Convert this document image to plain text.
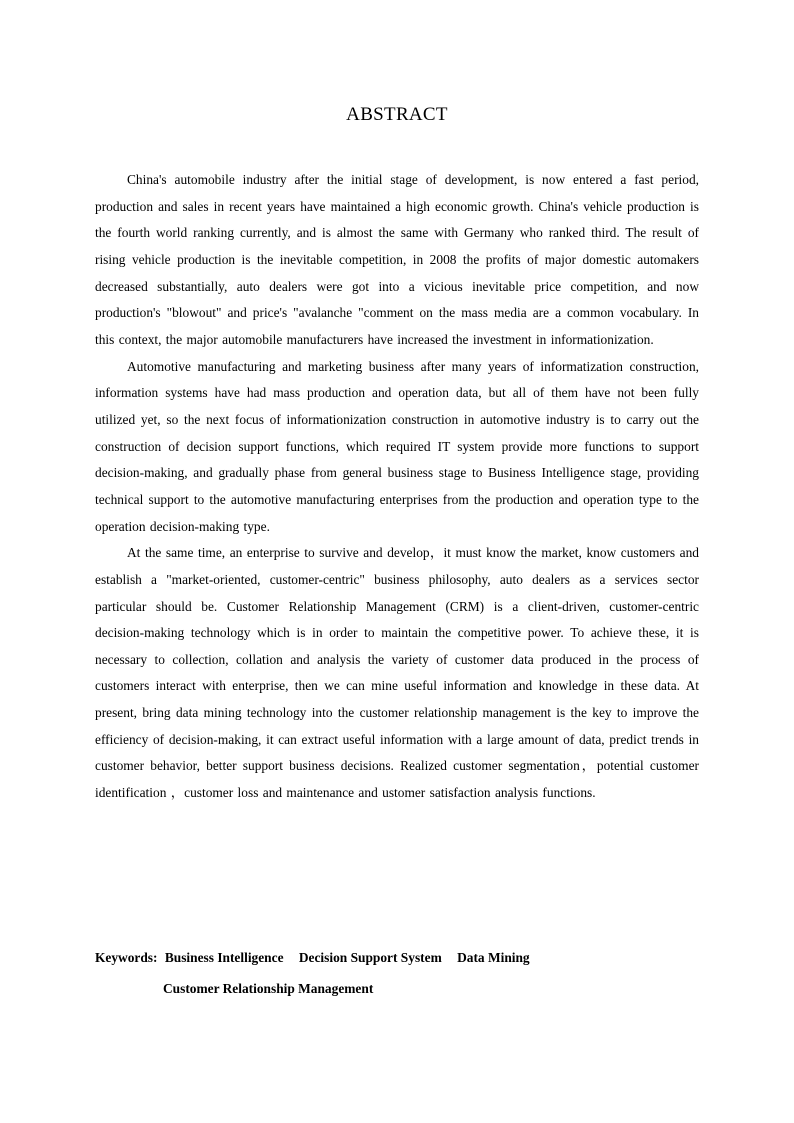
ABSTRACT

China's automobile industry after the initial stage of development, is now entered a fast period, production and sales in recent years have maintained a high economic growth. China's vehicle production is the fourth world ranking currently, and is almost the same with Germany who ranked third. The result of rising vehicle production is the inevitable competition, in 2008 the profits of major domestic automakers decreased substantially, auto dealers were got into a vicious inevitable price competition, and now production's "blowout" and price's "avalanche "comment on the mass media are a common vocabulary. In this context, the major automobile manufacturers have increased the investment in informationization.

Automotive manufacturing and marketing business after many years of informatization construction, information systems have had mass production and operation data, but all of them have not been fully utilized yet, so the next focus of informationization construction in automotive industry is to carry out the construction of decision support functions, which required IT system provide more functions to support decision-making, and gradually phase from general business stage to Business Intelligence stage, providing technical support to the automotive manufacturing enterprises from the production and operation type to the operation decision-making type.

At the same time, an enterprise to survive and develop，it must know the market, know customers and establish a "market-oriented, customer-centric" business philosophy, auto dealers as a services sector particular should be. Customer Relationship Management (CRM) is a client-driven, customer-centric decision-making technology which is in order to maintain the competitive power. To achieve these, it is necessary to collection, collation and analysis the variety of customer data produced in the process of customers interact with enterprise, then we can mine useful information and knowledge in these data. At present, bring data mining technology into the customer relationship management is the key to improve the efficiency of decision-making, it can extract useful information with a large amount of data, predict trends in customer behavior, better support business decisions. Realized customer segmentation，potential customer identification ，customer loss and maintenance and ustomer satisfaction analysis functions.

Keywords: Business Intelligence Decision Support System Data Mining
Customer Relationship Management
